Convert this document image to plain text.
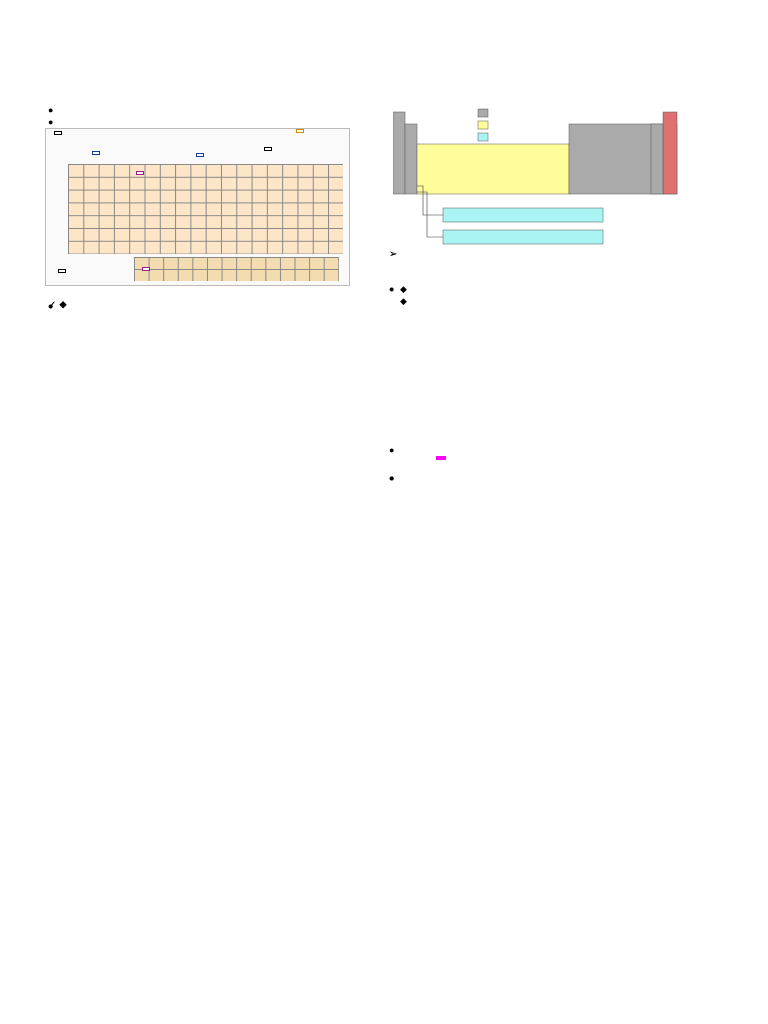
●

●
